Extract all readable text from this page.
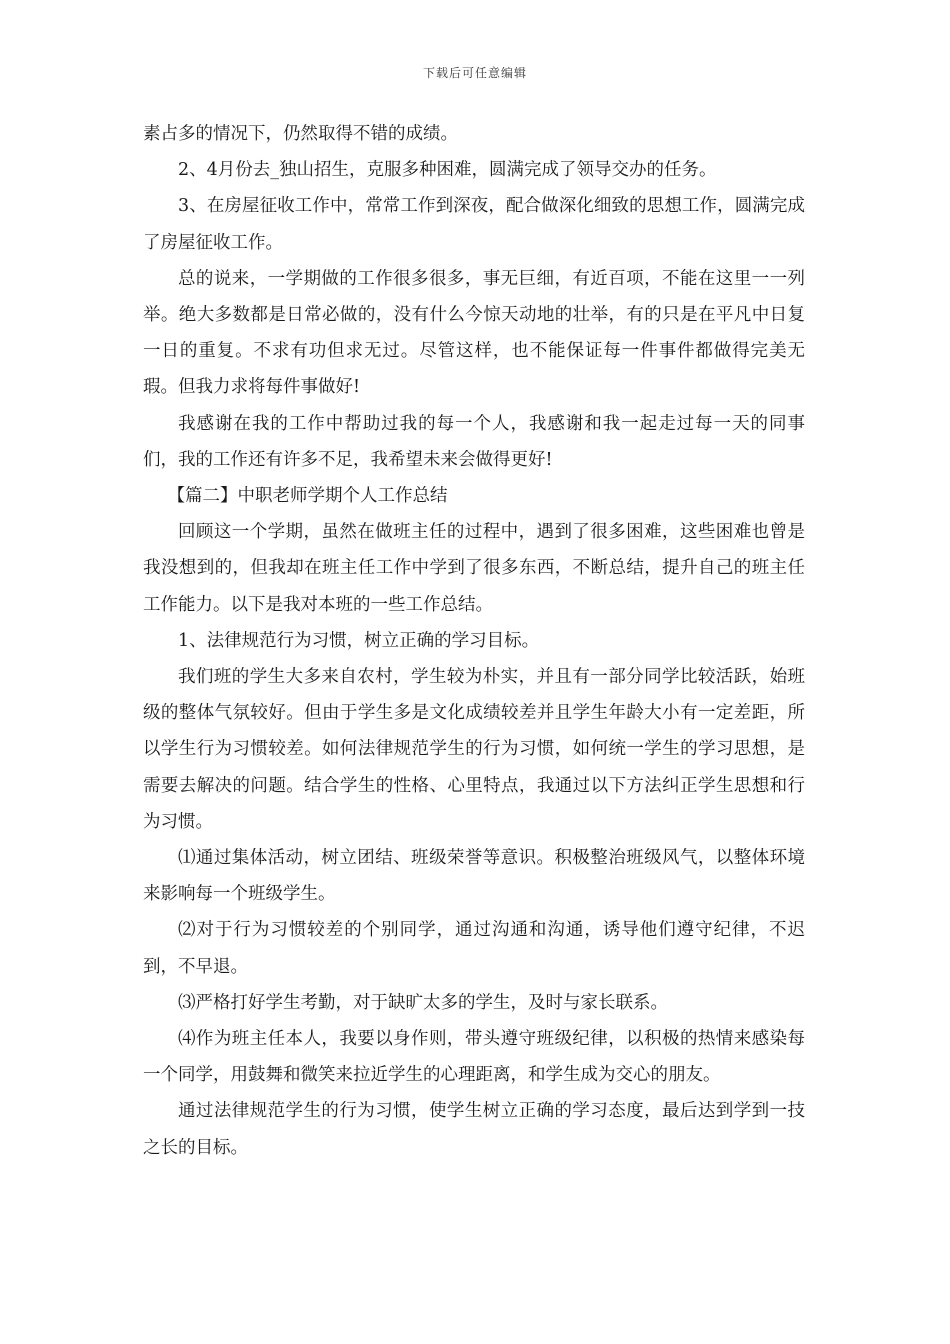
下载后可任意编辑

素占多的情况下，仍然取得不错的成绩。

2、4月份去_独山招生，克服多种困难，圆满完成了领导交办的任务。

3、在房屋征收工作中，常常工作到深夜，配合做深化细致的思想工作，圆满完成了房屋征收工作。

总的说来，一学期做的工作很多很多，事无巨细，有近百项，不能在这里一一列举。绝大多数都是日常必做的，没有什么今惊天动地的壮举，有的只是在平凡中日复一日的重复。不求有功但求无过。尽管这样，也不能保证每一件事件都做得完美无瑕。但我力求将每件事做好!

我感谢在我的工作中帮助过我的每一个人，我感谢和我一起走过每一天的同事们，我的工作还有许多不足，我希望未来会做得更好!

【篇二】中职老师学期个人工作总结

回顾这一个学期，虽然在做班主任的过程中，遇到了很多困难，这些困难也曾是我没想到的，但我却在班主任工作中学到了很多东西，不断总结，提升自己的班主任工作能力。以下是我对本班的一些工作总结。

1、法律规范行为习惯，树立正确的学习目标。

我们班的学生大多来自农村，学生较为朴实，并且有一部分同学比较活跃，始班级的整体气氛较好。但由于学生多是文化成绩较差并且学生年龄大小有一定差距，所以学生行为习惯较差。如何法律规范学生的行为习惯，如何统一学生的学习思想，是需要去解决的问题。结合学生的性格、心里特点，我通过以下方法纠正学生思想和行为习惯。

⑴通过集体活动，树立团结、班级荣誉等意识。积极整治班级风气，以整体环境来影响每一个班级学生。

⑵对于行为习惯较差的个别同学，通过沟通和沟通，诱导他们遵守纪律，不迟到，不早退。

⑶严格打好学生考勤，对于缺旷太多的学生，及时与家长联系。

⑷作为班主任本人，我要以身作则，带头遵守班级纪律，以积极的热情来感染每一个同学，用鼓舞和微笑来拉近学生的心理距离，和学生成为交心的朋友。

通过法律规范学生的行为习惯，使学生树立正确的学习态度，最后达到学到一技之长的目标。
